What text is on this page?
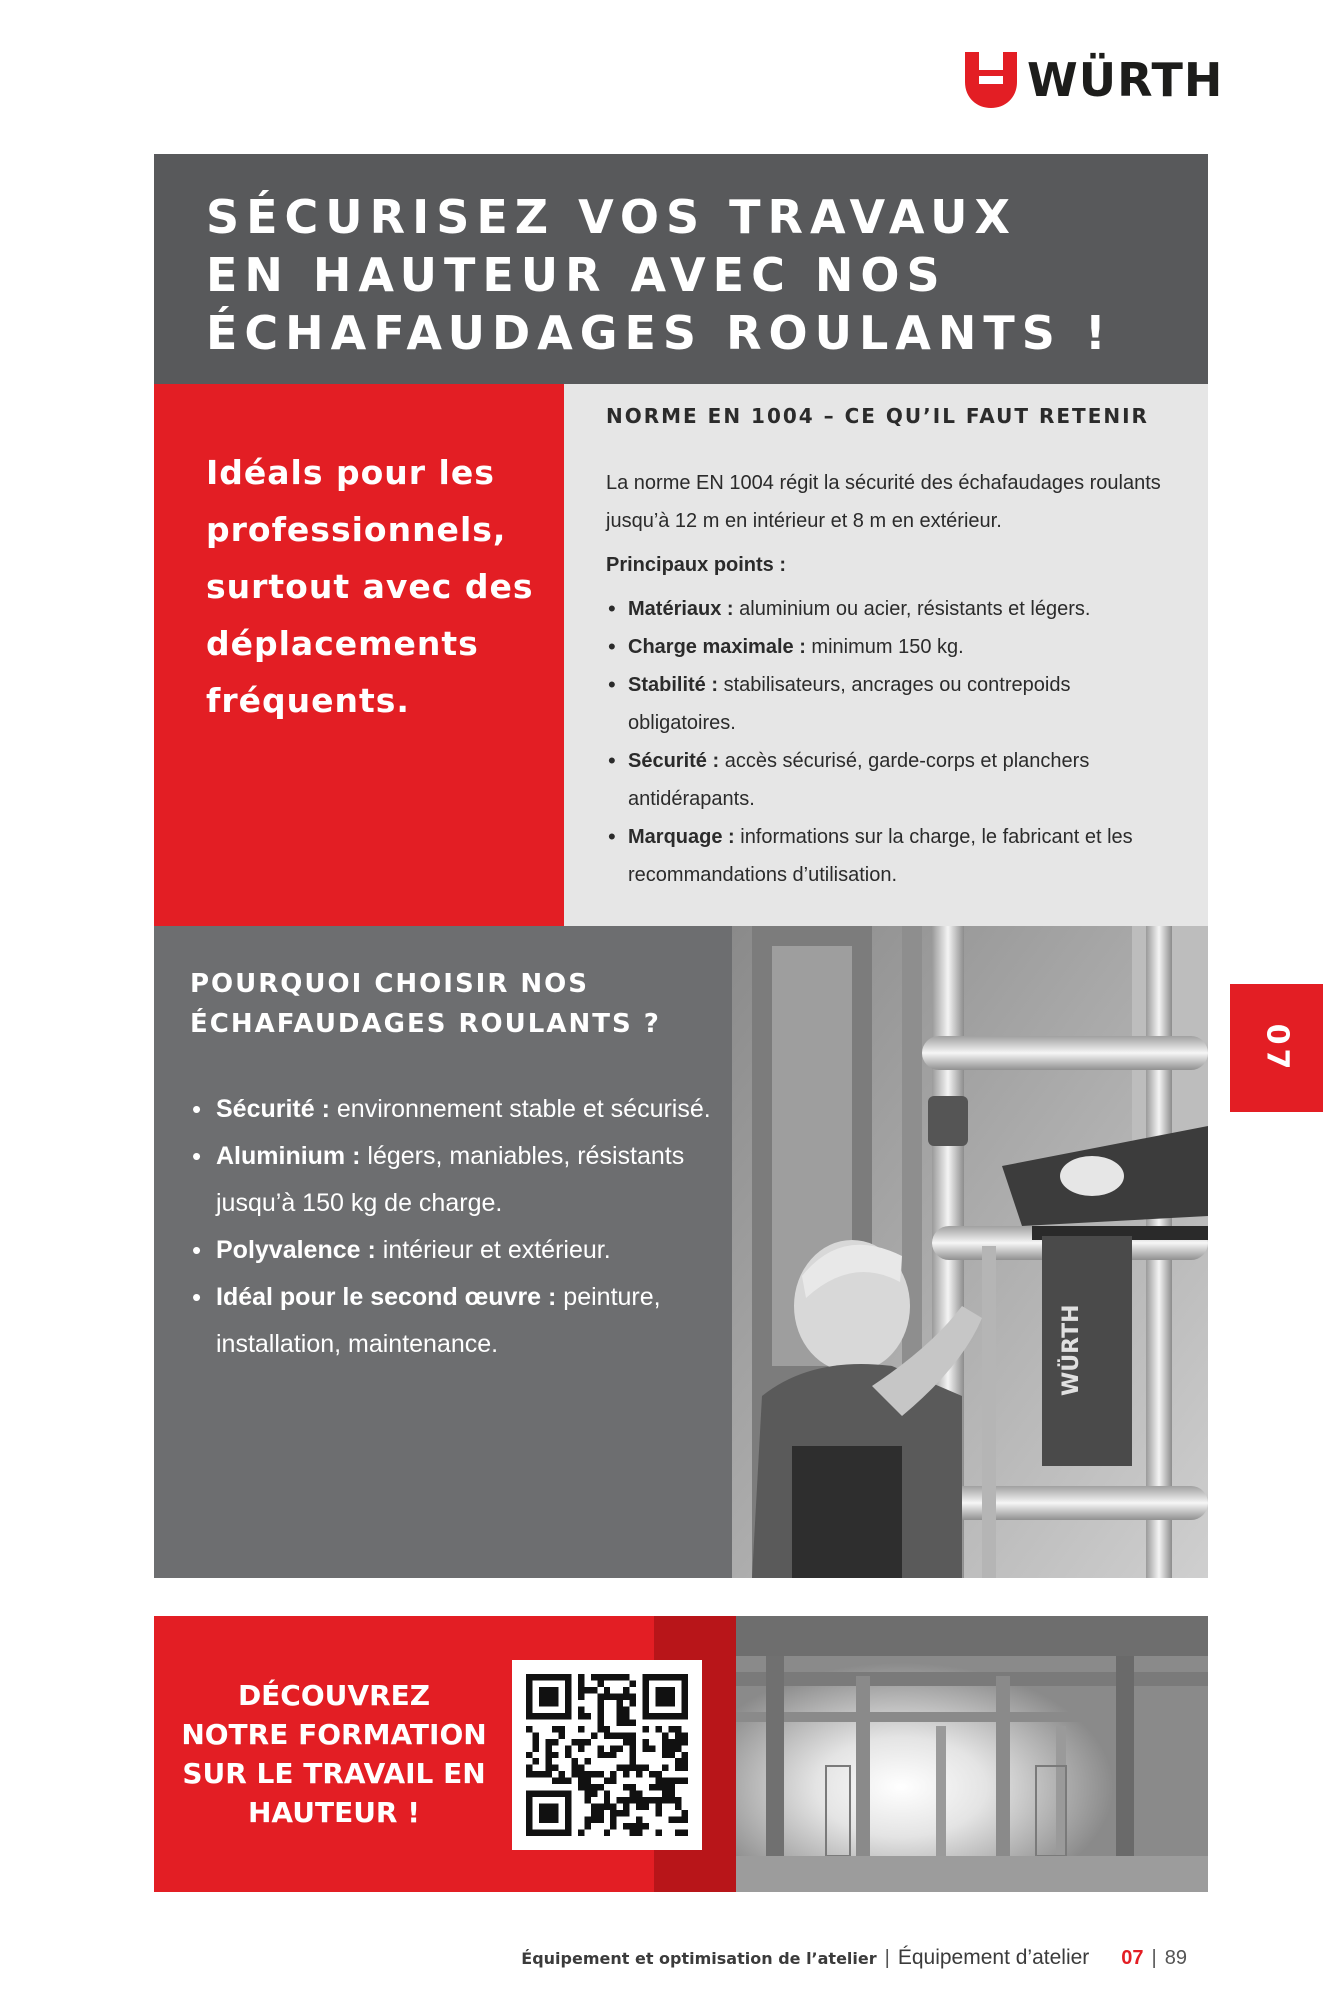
WÜRTH
SÉCURISEZ VOS TRAVAUX
EN HAUTEUR AVEC NOS
ÉCHAFAUDAGES ROULANTS !
Idéals pour les
professionnels,
surtout avec des
déplacements
fréquents.
NORME EN 1004 – CE QU’IL FAUT RETENIR

La norme EN 1004 régit la sécurité des échafaudages roulants jusqu’à 12 m en intérieur et 8 m en extérieur.

Principaux points :

• Matériaux : aluminium ou acier, résistants et légers.
• Charge maximale : minimum 150 kg.
• Stabilité : stabilisateurs, ancrages ou contrepoids obligatoires.
• Sécurité : accès sécurisé, garde-corps et planchers antidérapants.
• Marquage : informations sur la charge, le fabricant et les recommandations d’utilisation.
POURQUOI CHOISIR NOS
ÉCHAFAUDAGES ROULANTS ?
• Sécurité : environnement stable et sécurisé.
• Aluminium : légers, maniables, résistants jusqu’à 150 kg de charge.
• Polyvalence : intérieur et extérieur.
• Idéal pour le second œuvre : peinture, installation, maintenance.	WÜRTH
07
DÉCOUVREZ
NOTRE FORMATION
SUR LE TRAVAIL EN
HAUTEUR !
Équipement et optimisation de l’atelier | Équipement d’atelier 07 | 89
